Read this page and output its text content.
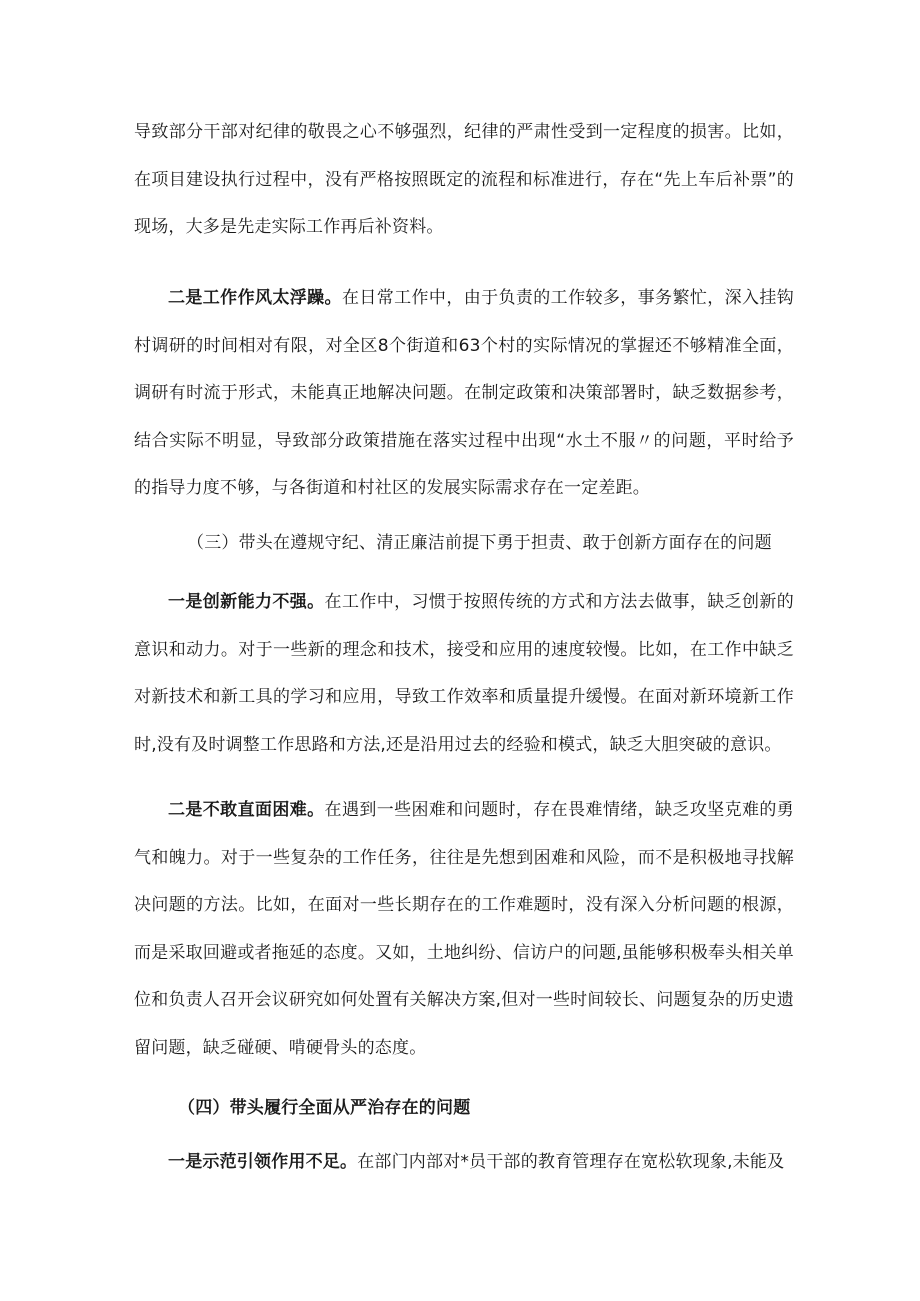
导致部分干部对纪律的敬畏之心不够强烈，纪律的严肃性受到一定程度的损害。比如，在项目建设执行过程中，没有严格按照既定的流程和标准进行，存在“先上车后补票”的现场，大多是先走实际工作再后补资料。

二是工作作风太浮躁。在日常工作中，由于负责的工作较多，事务繁忙，深入挂钩村调研的时间相对有限，对全区8个街道和63个村的实际情况的掌握还不够精准全面，调研有时流于形式，未能真正地解决问题。在制定政策和决策部署时，缺乏数据参考，结合实际不明显，导致部分政策措施在落实过程中出现“水土不服〃的问题，平时给予的指导力度不够，与各街道和村社区的发展实际需求存在一定差距。

（三）带头在遵规守纪、清正廉洁前提下勇于担责、敢于创新方面存在的问题

一是创新能力不强。在工作中，习惯于按照传统的方式和方法去做事，缺乏创新的意识和动力。对于一些新的理念和技术，接受和应用的速度较慢。比如，在工作中缺乏对新技术和新工具的学习和应用，导致工作效率和质量提升缓慢。在面对新环境新工作时,没有及时调整工作思路和方法,还是沿用过去的经验和模式，缺乏大胆突破的意识。

二是不敢直面困难。在遇到一些困难和问题时，存在畏难情绪，缺乏攻坚克难的勇气和魄力。对于一些复杂的工作任务，往往是先想到困难和风险，而不是积极地寻找解决问题的方法。比如，在面对一些长期存在的工作难题时，没有深入分析问题的根源，而是采取回避或者拖延的态度。又如，土地纠纷、信访户的问题,虽能够积极奉头相关单位和负责人召开会议研究如何处置有关解决方案,但对一些时间较长、问题复杂的历史遗留问题，缺乏碰硬、啃硬骨头的态度。

（四）带头履行全面从严治存在的问题

一是示范引领作用不足。在部门内部对*员干部的教育管理存在宽松软现象,未能及
